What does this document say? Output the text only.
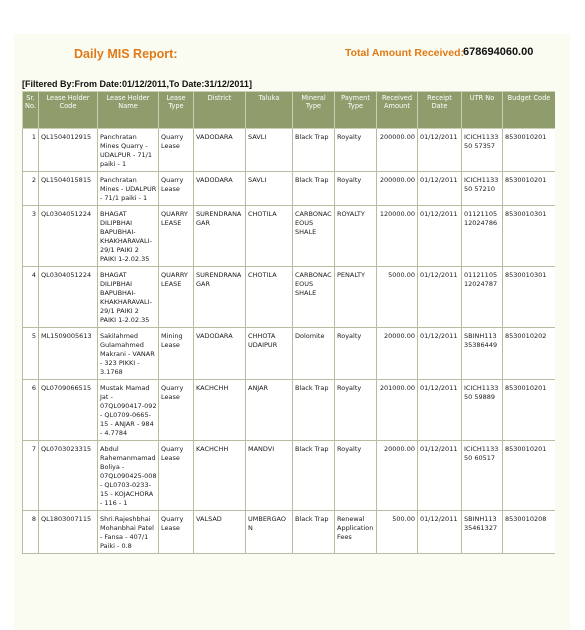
Daily MIS Report:	Total Amount Received:
678694060.00
[Filtered By:From Date:01/12/2011,To Date:31/12/2011]
Sr. No.	Lease Holder Code	Lease Holder Name	Lease Type	District	Taluka	Mineral Type	Payment Type	Received Amount	Receipt Date	UTR No	Budget Code
1	QL1504012915	Panchratan Mines Quarry - UDALPUR - 71/1 paiki - 1	Quarry Lease	VADODARA	SAVLI	Black Trap	Royalty	200000.00	01/12/2011	ICICH1133 50 57357	8530010201
2	QL1504015815	Panchratan Mines - UDALPUR - 71/1 paiki - 1	Quarry Lease	VADODARA	SAVLI	Black Trap	Royalty	200000.00	01/12/2011	ICICH1133 50 57210	8530010201
3	QL0304051224	BHAGAT DILIPBHAI BAPUBHAI-KHAKHARAVALI-29/1 PAIKI 2 PAIKI 1-2.02.35	QUARRY LEASE	SURENDRANA GAR	CHOTILA	CARBONAC EOUS SHALE	ROYALTY	120000.00	01/12/2011	01121105 12024786	8530010301
4	QL0304051224	BHAGAT DILIPBHAI BAPUBHAI-KHAKHARAVALI-29/1 PAIKI 2 PAIKI 1-2.02.35	QUARRY LEASE	SURENDRANA GAR	CHOTILA	CARBONAC EOUS SHALE	PENALTY	5000.00	01/12/2011	01121105 12024787	8530010301
5	ML1509005613	Sakilahmed Gulamahmed Makrani - VANAR - 323 PIKKI - 3.1768	Mining Lease	VADODARA	CHHOTA UDAIPUR	Dolomite	Royalty	20000.00	01/12/2011	SBINH113 35386449	8530010202
6	QL0709066515	Mustak Mamad Jat - 07QL090417-092 - QL0709-0665-15 - ANJAR - 984 - 4.7784	Quarry Lease	KACHCHH	ANJAR	Black Trap	Royalty	201000.00	01/12/2011	ICICH1133 50 59889	8530010201
7	QL0703023315	Abdul Rahemanmamad Boliya - 07QL090425-008 - QL0703-0233-15 - KOJACHORA - 116 - 1	Quarry Lease	KACHCHH	MANDVI	Black Trap	Royalty	20000.00	01/12/2011	ICICH1133 50 60517	8530010201
8	QL1803007115	Shri.Rajeshbhai Mohanbhai Patel - Fansa - 407/1 Paiki - 0.8	Quarry Lease	VALSAD	UMBERGAO N	Black Trap	Renewal Application Fees	500.00	01/12/2011	SBINH113 35461327	8530010208
